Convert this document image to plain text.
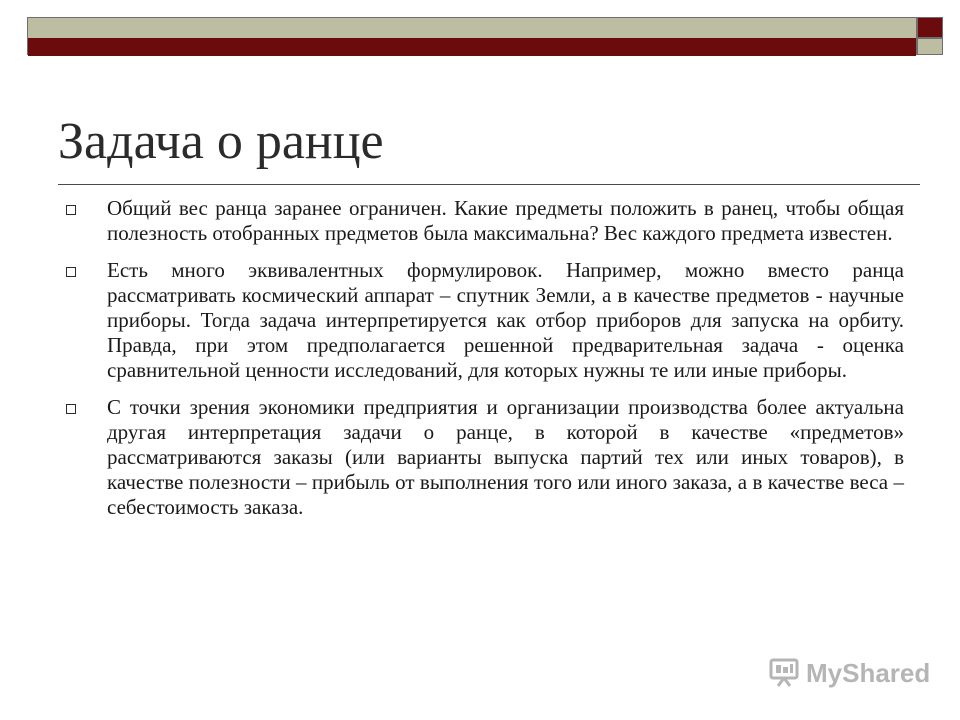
Задача о ранце

Общий вес ранца заранее ограничен. Какие предметы положить в ранец, чтобы общая полезность отобранных предметов была максимальна? Вес каждого предмета известен.

Есть много эквивалентных формулировок. Например, можно вместо ранца рассматривать космический аппарат – спутник Земли, а в качестве предметов - научные приборы. Тогда задача интерпретируется как отбор приборов для запуска на орбиту. Правда, при этом предполагается решенной предварительная задача - оценка сравнительной ценности исследований, для которых нужны те или иные приборы.

С точки зрения экономики предприятия и организации производства более актуальна другая интерпретация задачи о ранце, в которой в качестве «предметов» рассматриваются заказы (или варианты выпуска партий тех или иных товаров), в качестве полезности – прибыль от выполнения того или иного заказа, а в качестве веса – себестоимость заказа.

MyShared
